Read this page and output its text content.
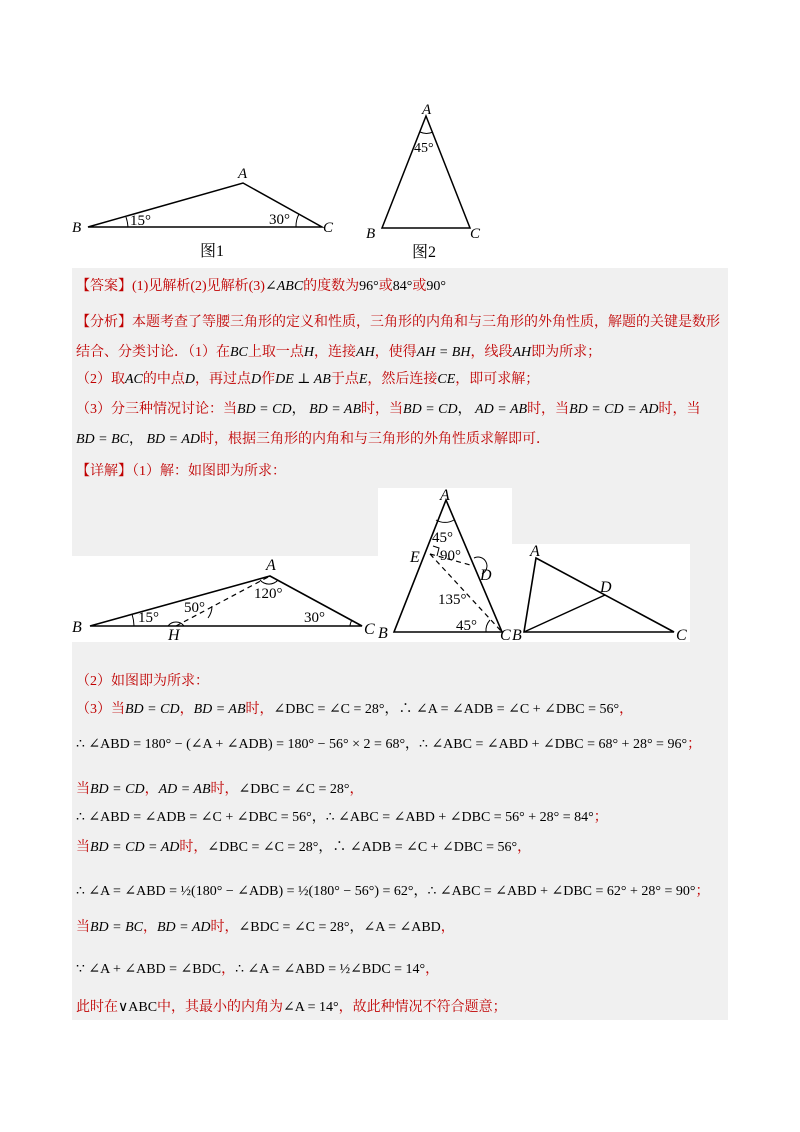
A
B	C
15°	30°
图1
A
B	C
45°
图2
【答案】(1)见解析(2)见解析(3)∠ABC的度数为96°或84°或90°
【分析】本题考查了等腰三角形的定义和性质，三角形的内角和与三角形的外角性质，解题的关键是数形结合、分类讨论．（1）在BC上取一点H，连接AH，使得AH = BH，线段AH即为所求；
（2）取AC的中点D，再过点D作DE ⊥ AB于点E，然后连接CE，即可求解；
（3）分三种情况讨论：当BD = CD， BD = AB时，当BD = CD， AD = AB时，当BD = CD = AD时，当
BD = BC， BD = AD时，根据三角形的内角和与三角形的外角性质求解即可．
【详解】（1）解：如图即为所求：
A
B	C
H
15°
50°
120°
30°
A
B	C
D
E
45°
90°
135°
45°
A
B	C
D
（2）如图即为所求：
（3）当BD = CD，BD = AB时，∠DBC = ∠C = 28°，∴ ∠A = ∠ADB = ∠C + ∠DBC = 56°，
∴ ∠ABD = 180° − (∠A + ∠ADB) = 180° − 56° × 2 = 68°，∴ ∠ABC = ∠ABD + ∠DBC = 68° + 28° = 96°；
当BD = CD，AD = AB时，∠DBC = ∠C = 28°，
∴ ∠ABD = ∠ADB = ∠C + ∠DBC = 56°，∴ ∠ABC = ∠ABD + ∠DBC = 56° + 28° = 84°；
当BD = CD = AD时，∠DBC = ∠C = 28°，∴ ∠ADB = ∠C + ∠DBC = 56°，
∴ ∠A = ∠ABD = ½(180° − ∠ADB) = ½(180° − 56°) = 62°，∴ ∠ABC = ∠ABD + ∠DBC = 62° + 28° = 90°；
当BD = BC，BD = AD时，∠BDC = ∠C = 28°，∠A = ∠ABD，
∵ ∠A + ∠ABD = ∠BDC，∴ ∠A = ∠ABD = ½∠BDC = 14°，
此时在∨ABC中，其最小的内角为∠A = 14°，故此种情况不符合题意；
